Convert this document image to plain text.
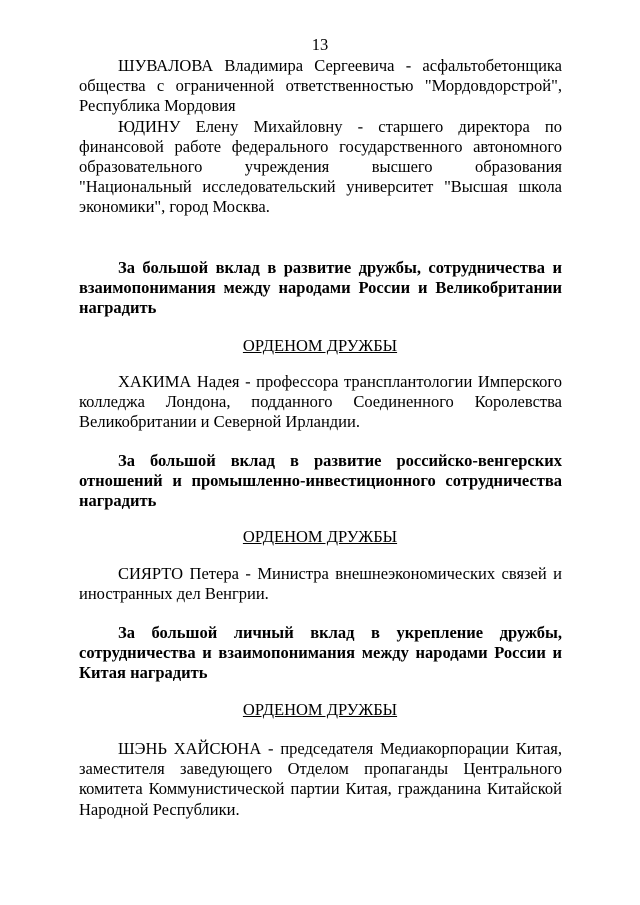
13

ШУВАЛОВА Владимира Сергеевича - асфальтобетонщика общества с ограниченной ответственностью "Мордовдорстрой", Республика Мордовия

ЮДИНУ Елену Михайловну - старшего директора по финансовой работе федерального государственного автономного образовательного учреждения высшего образования "Национальный исследовательский университет "Высшая школа экономики", город Москва.

За большой вклад в развитие дружбы, сотрудничества и взаимопонимания между народами России и Великобритании наградить

ОРДЕНОМ ДРУЖБЫ

ХАКИМА Надея - профессора трансплантологии Имперского колледжа Лондона, подданного Соединенного Королевства Великобритании и Северной Ирландии.

За большой вклад в развитие российско-венгерских отношений и промышленно-инвестиционного сотрудничества наградить

ОРДЕНОМ ДРУЖБЫ

СИЯРТО Петера - Министра внешнеэкономических связей и иностранных дел Венгрии.

За большой личный вклад в укрепление дружбы, сотрудничества и взаимопонимания между народами России и Китая наградить

ОРДЕНОМ ДРУЖБЫ

ШЭНЬ ХАЙСЮНА - председателя Медиакорпорации Китая, заместителя заведующего Отделом пропаганды Центрального комитета Коммунистической партии Китая, гражданина Китайской Народной Республики.
